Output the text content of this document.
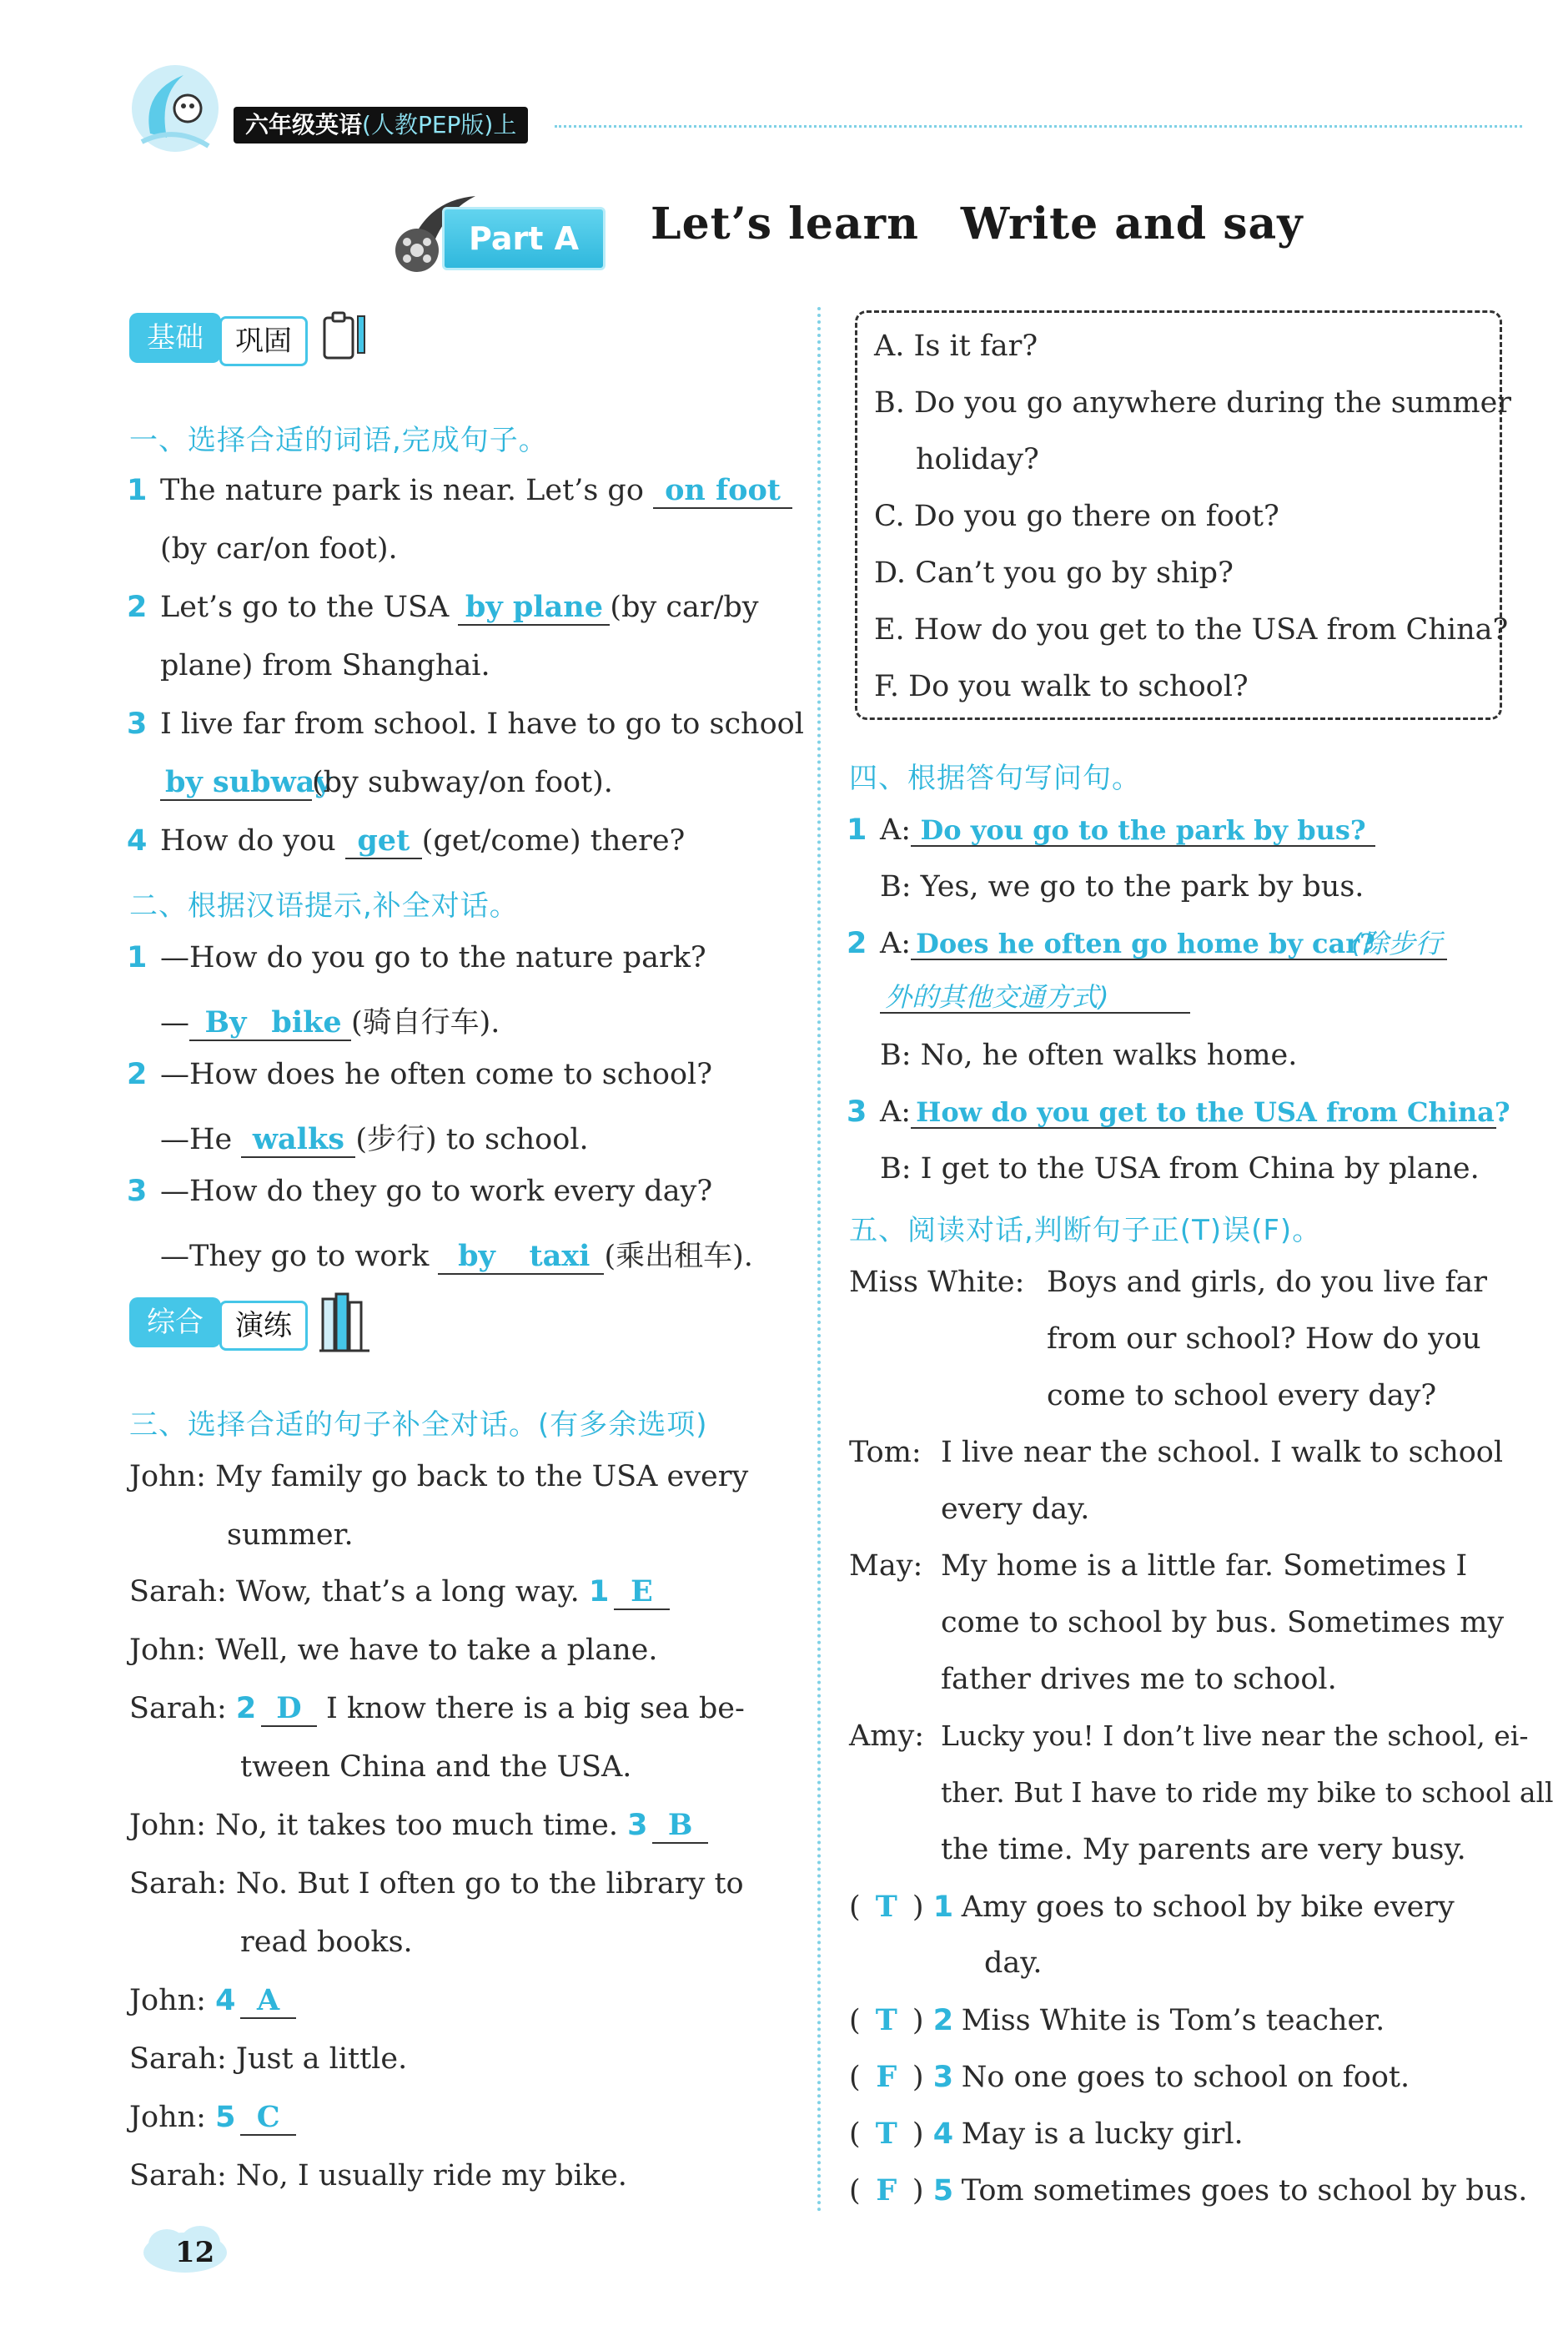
六年级英语(人教PEP版)上
Part A	Let’s learn Write and say
基础	巩固
一、选择合适的词语,完成句子。
1 The nature park is near. Let’s go on foot
(by car/on foot).
2 Let’s go to the USA by plane (by car/by
plane) from Shanghai.
3 I live far from school. I have to go to school
by subway(by subway/on foot).
4 How do you get (get/come) there?
二、根据汉语提示,补全对话。
1 —How do you go to the nature park?
— By bike (骑自行车).
2 —How does he often come to school?
—He walks (步行) to school.
3 —How do they go to work every day?
—They go to work by taxi (乘出租车).
综合	演练
三、选择合适的句子补全对话。(有多余选项)
John: My family go back to the USA every
summer.
Sarah: Wow, that’s a long way. 1 E
John: Well, we have to take a plane.
Sarah: 2 D I know there is a big sea be-
tween China and the USA.
John: No, it takes too much time. 3 B
Sarah: No. But I often go to the library to
read books.
John: 4 A
Sarah: Just a little.
John: 5 C
Sarah: No, I usually ride my bike.
A. Is it far?
B. Do you go anywhere during the summer
holiday?
C. Do you go there on foot?
D. Can’t you go by ship?
E. How do you get to the USA from China?
F. Do you walk to school?
四、根据答句写问句。
1 A: Do you go to the park by bus?
B: Yes, we go to the park by bus.
2 A: Does he often go home by car?(除步行
外的其他交通方式)
B: No, he often walks home.
3 A: How do you get to the USA from China?
B: I get to the USA from China by plane.
五、阅读对话,判断句子正(T)误(F)。
Miss White: Boys and girls, do you live far
from our school? How do you
come to school every day?
Tom: I live near the school. I walk to school
every day.
May: My home is a little far. Sometimes I
come to school by bus. Sometimes my
father drives me to school.
Amy: Lucky you! I don’t live near the school, ei-
ther. But I have to ride my bike to school all
the time. My parents are very busy.
( T ) 1 Amy goes to school by bike every
day.
( T ) 2 Miss White is Tom’s teacher.
( F ) 3 No one goes to school on foot.
( T ) 4 May is a lucky girl.
( F ) 5 Tom sometimes goes to school by bus.
12
